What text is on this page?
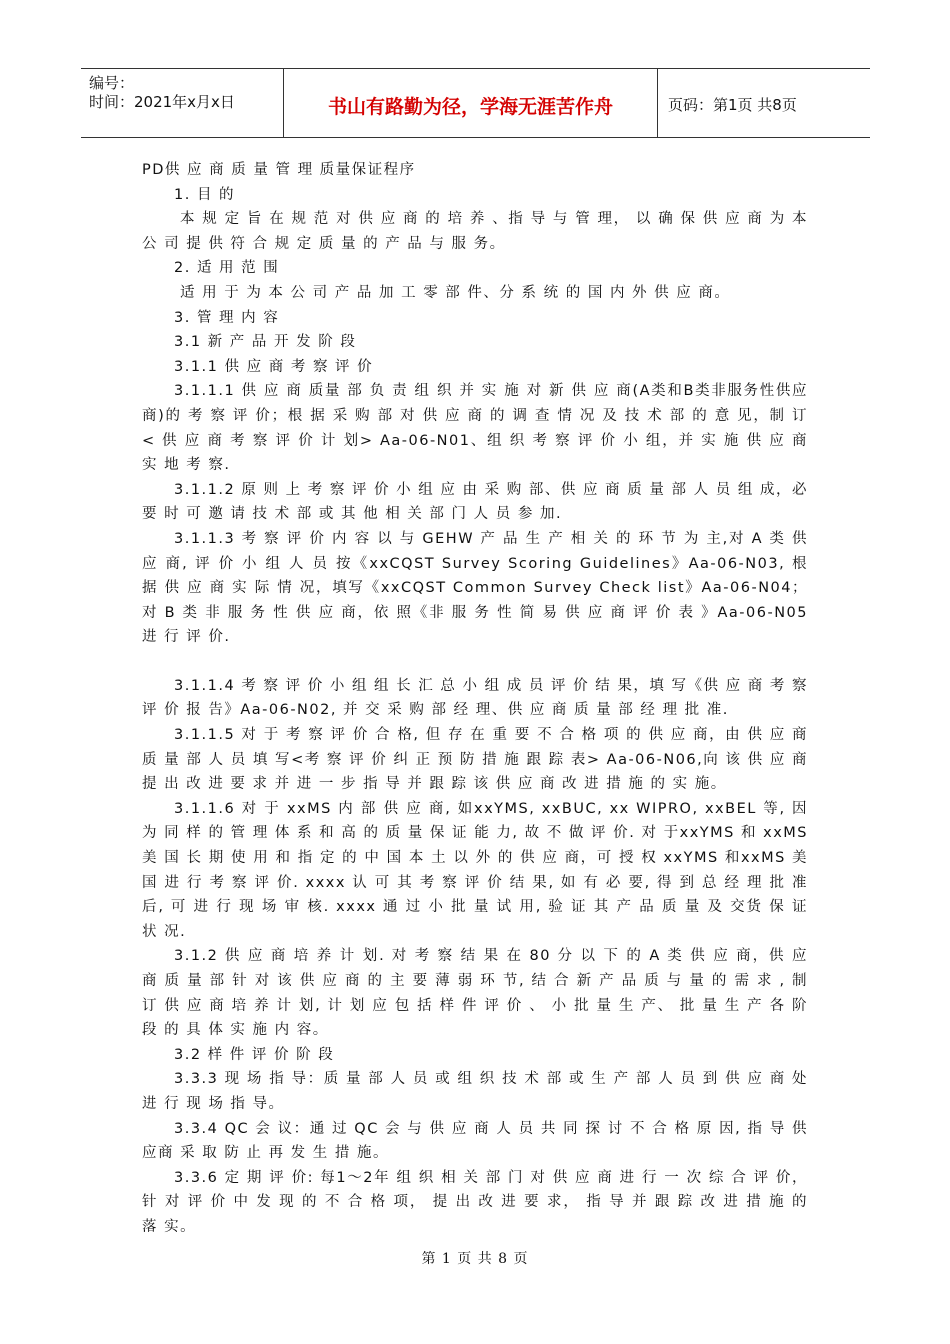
编号：
时间：2021年x月x日	书山有路勤为径，学海无涯苦作舟	页码：第1页 共8页

PD供 应 商 质 量 管 理 质量保证程序

1. 目 的

本 规 定 旨 在 规 范 对 供 应 商 的 培 养 、指 导 与 管 理， 以 确 保 供 应 商 为 本 公 司 提 供 符 合 规 定 质 量 的 产 品 与 服 务。

2. 适 用 范 围

适 用 于 为 本 公 司 产 品 加 工 零 部 件、分 系 统 的 国 内 外 供 应 商。

3. 管 理 内 容

3.1 新 产 品 开 发 阶 段

3.1.1 供 应 商 考 察 评 价

3.1.1.1 供 应 商 质量 部 负 责 组 织 并 实 施 对 新 供 应 商(A类和B类非服务性供应商)的 考 察 评 价；根 据 采 购 部 对 供 应 商 的 调 查 情 况 及 技 术 部 的 意 见，制 订< 供 应 商 考 察 评 价 计 划> Aa-06-N01、组 织 考 察 评 价 小 组，并 实 施 供 应 商 实 地 考 察.

3.1.1.2 原 则 上 考 察 评 价 小 组 应 由 采 购 部、供 应 商 质 量 部 人 员 组 成，必 要 时 可 邀 请 技 术 部 或 其 他 相 关 部 门 人 员 参 加.

3.1.1.3 考 察 评 价 内 容 以 与 GEHW 产 品 生 产 相 关 的 环 节 为 主,对 A 类 供 应 商, 评 价 小 组 人 员 按《xxCQST Survey Scoring Guidelines》Aa-06-N03, 根 据 供 应 商 实 际 情 况，填写《xxCQST Common Survey Check list》Aa-06-N04； 对 B 类 非 服 务 性 供 应 商，依 照《非 服 务 性 简 易 供 应 商 评 价 表 》Aa-06-N05 进 行 评 价.

3.1.1.4 考 察 评 价 小 组 组 长 汇 总 小 组 成 员 评 价 结 果，填 写《供 应 商 考 察 评 价 报 告》Aa-06-N02, 并 交 采 购 部 经 理、供 应 商 质 量 部 经 理 批 准.

3.1.1.5 对 于 考 察 评 价 合 格, 但 存 在 重 要 不 合 格 项 的 供 应 商，由 供 应 商 质 量 部 人 员 填 写<考 察 评 价 纠 正 预 防 措 施 跟 踪 表> Aa-06-N06,向 该 供 应 商 提 出 改 进 要 求 并 进 一 步 指 导 并 跟 踪 该 供 应 商 改 进 措 施 的 实 施。

3.1.1.6 对 于 xxMS 内 部 供 应 商, 如xxYMS, xxBUC, xx WIPRO, xxBEL 等, 因 为 同 样 的 管 理 体 系 和 高 的 质 量 保 证 能 力, 故 不 做 评 价. 对 于xxYMS 和 xxMS 美 国 长 期 使 用 和 指 定 的 中 国 本 土 以 外 的 供 应 商，可 授 权 xxYMS 和xxMS 美 国 进 行 考 察 评 价. xxxx 认 可 其 考 察 评 价 结 果, 如 有 必 要, 得 到 总 经 理 批 准 后, 可 进 行 现 场 审 核. xxxx 通 过 小 批 量 试 用, 验 证 其 产 品 质 量 及 交货 保 证 状 况.

3.1.2 供 应 商 培 养 计 划. 对 考 察 结 果 在 80 分 以 下 的 A 类 供 应 商，供 应 商 质 量 部 针 对 该 供 应 商 的 主 要 薄 弱 环 节, 结 合 新 产 品 质 与 量 的 需 求 , 制 订 供 应 商 培 养 计 划, 计 划 应 包 括 样 件 评 价 、 小 批 量 生 产、 批 量 生 产 各 阶 段 的 具 体 实 施 内 容。

3.2 样 件 评 价 阶 段

3.3.3 现 场 指 导：质 量 部 人 员 或 组 织 技 术 部 或 生 产 部 人 员 到 供 应 商 处 进 行 现 场 指 导。

3.3.4 QC 会 议：通 过 QC 会 与 供 应 商 人 员 共 同 探 讨 不 合 格 原 因, 指 导 供 应商 采 取 防 止 再 发 生 措 施。

3.3.6 定 期 评 价: 每1～2年 组 织 相 关 部 门 对 供 应 商 进 行 一 次 综 合 评 价，针 对 评 价 中 发 现 的 不 合 格 项， 提 出 改 进 要 求， 指 导 并 跟 踪 改 进 措 施 的 落 实。

第 1 页 共 8 页
